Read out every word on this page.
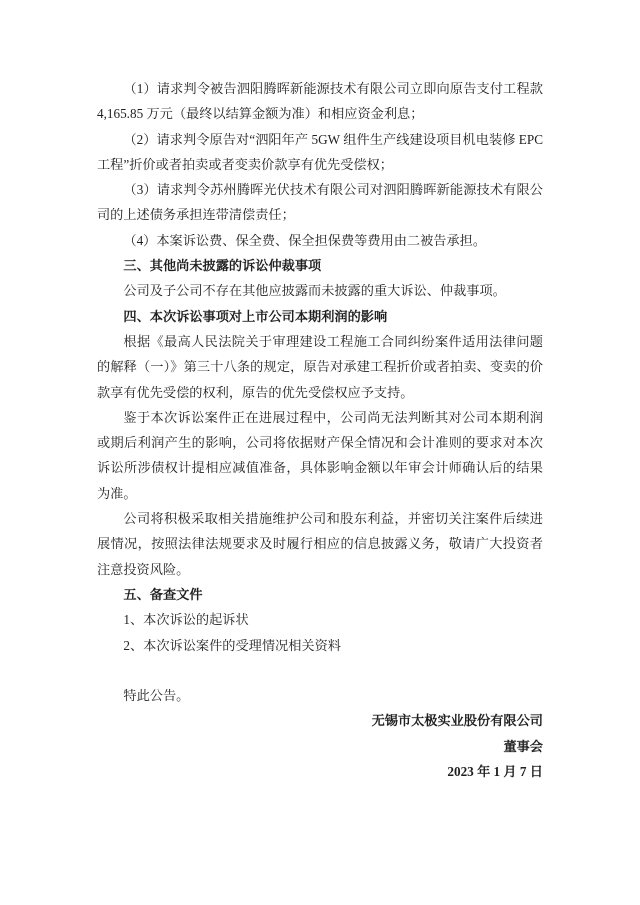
（1）请求判令被告泗阳腾晖新能源技术有限公司立即向原告支付工程款 4,165.85 万元（最终以结算金额为准）和相应资金利息；

（2）请求判令原告对“泗阳年产 5GW 组件生产线建设项目机电装修 EPC 工程”折价或者拍卖或者变卖价款享有优先受偿权；

（3）请求判令苏州腾晖光伏技术有限公司对泗阳腾晖新能源技术有限公司的上述债务承担连带清偿责任；

（4）本案诉讼费、保全费、保全担保费等费用由二被告承担。

三、其他尚未披露的诉讼仲裁事项

公司及子公司不存在其他应披露而未披露的重大诉讼、仲裁事项。

四、本次诉讼事项对上市公司本期利润的影响

根据《最高人民法院关于审理建设工程施工合同纠纷案件适用法律问题的解释（一）》第三十八条的规定，原告对承建工程折价或者拍卖、变卖的价款享有优先受偿的权利，原告的优先受偿权应予支持。

鉴于本次诉讼案件正在进展过程中，公司尚无法判断其对公司本期利润或期后利润产生的影响，公司将依据财产保全情况和会计准则的要求对本次诉讼所涉债权计提相应减值准备，具体影响金额以年审会计师确认后的结果为准。

公司将积极采取相关措施维护公司和股东利益，并密切关注案件后续进展情况，按照法律法规要求及时履行相应的信息披露义务，敬请广大投资者注意投资风险。

五、备查文件

1、本次诉讼的起诉状

2、本次诉讼案件的受理情况相关资料

特此公告。

无锡市太极实业股份有限公司

董事会

2023 年 1 月 7 日
